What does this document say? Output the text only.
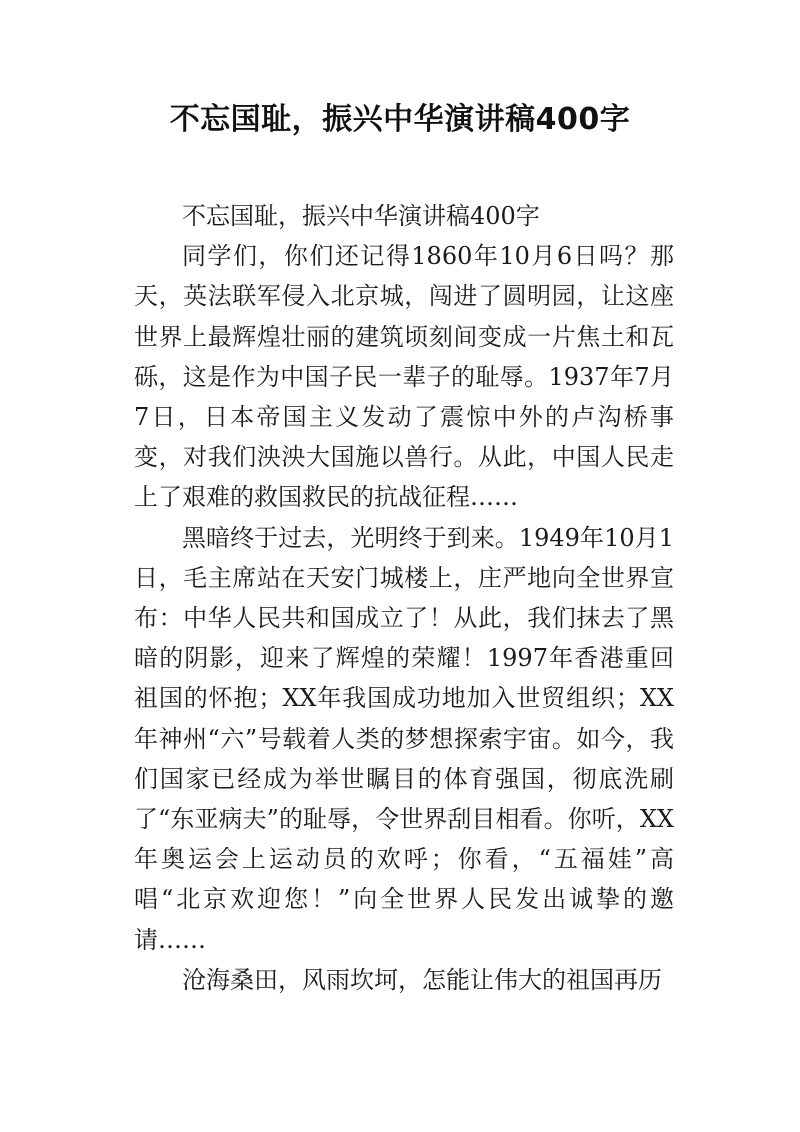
不忘国耻，振兴中华演讲稿400字

不忘国耻，振兴中华演讲稿400字

同学们，你们还记得1860年10月6日吗？那天，英法联军侵入北京城，闯进了圆明园，让这座世界上最辉煌壮丽的建筑顷刻间变成一片焦土和瓦砾，这是作为中国子民一辈子的耻辱。1937年7月7日，日本帝国主义发动了震惊中外的卢沟桥事变，对我们泱泱大国施以兽行。从此，中国人民走上了艰难的救国救民的抗战征程……

黑暗终于过去，光明终于到来。1949年10月1日，毛主席站在天安门城楼上，庄严地向全世界宣布：中华人民共和国成立了！从此，我们抹去了黑暗的阴影，迎来了辉煌的荣耀！1997年香港重回祖国的怀抱；XX年我国成功地加入世贸组织；XX年神州“六”号载着人类的梦想探索宇宙。如今，我们国家已经成为举世瞩目的体育强国，彻底洗刷了“东亚病夫”的耻辱，令世界刮目相看。你听，XX年奥运会上运动员的欢呼；你看，“五福娃”高唱“北京欢迎您！”向全世界人民发出诚挚的邀请……

沧海桑田，风雨坎坷，怎能让伟大的祖国再历
